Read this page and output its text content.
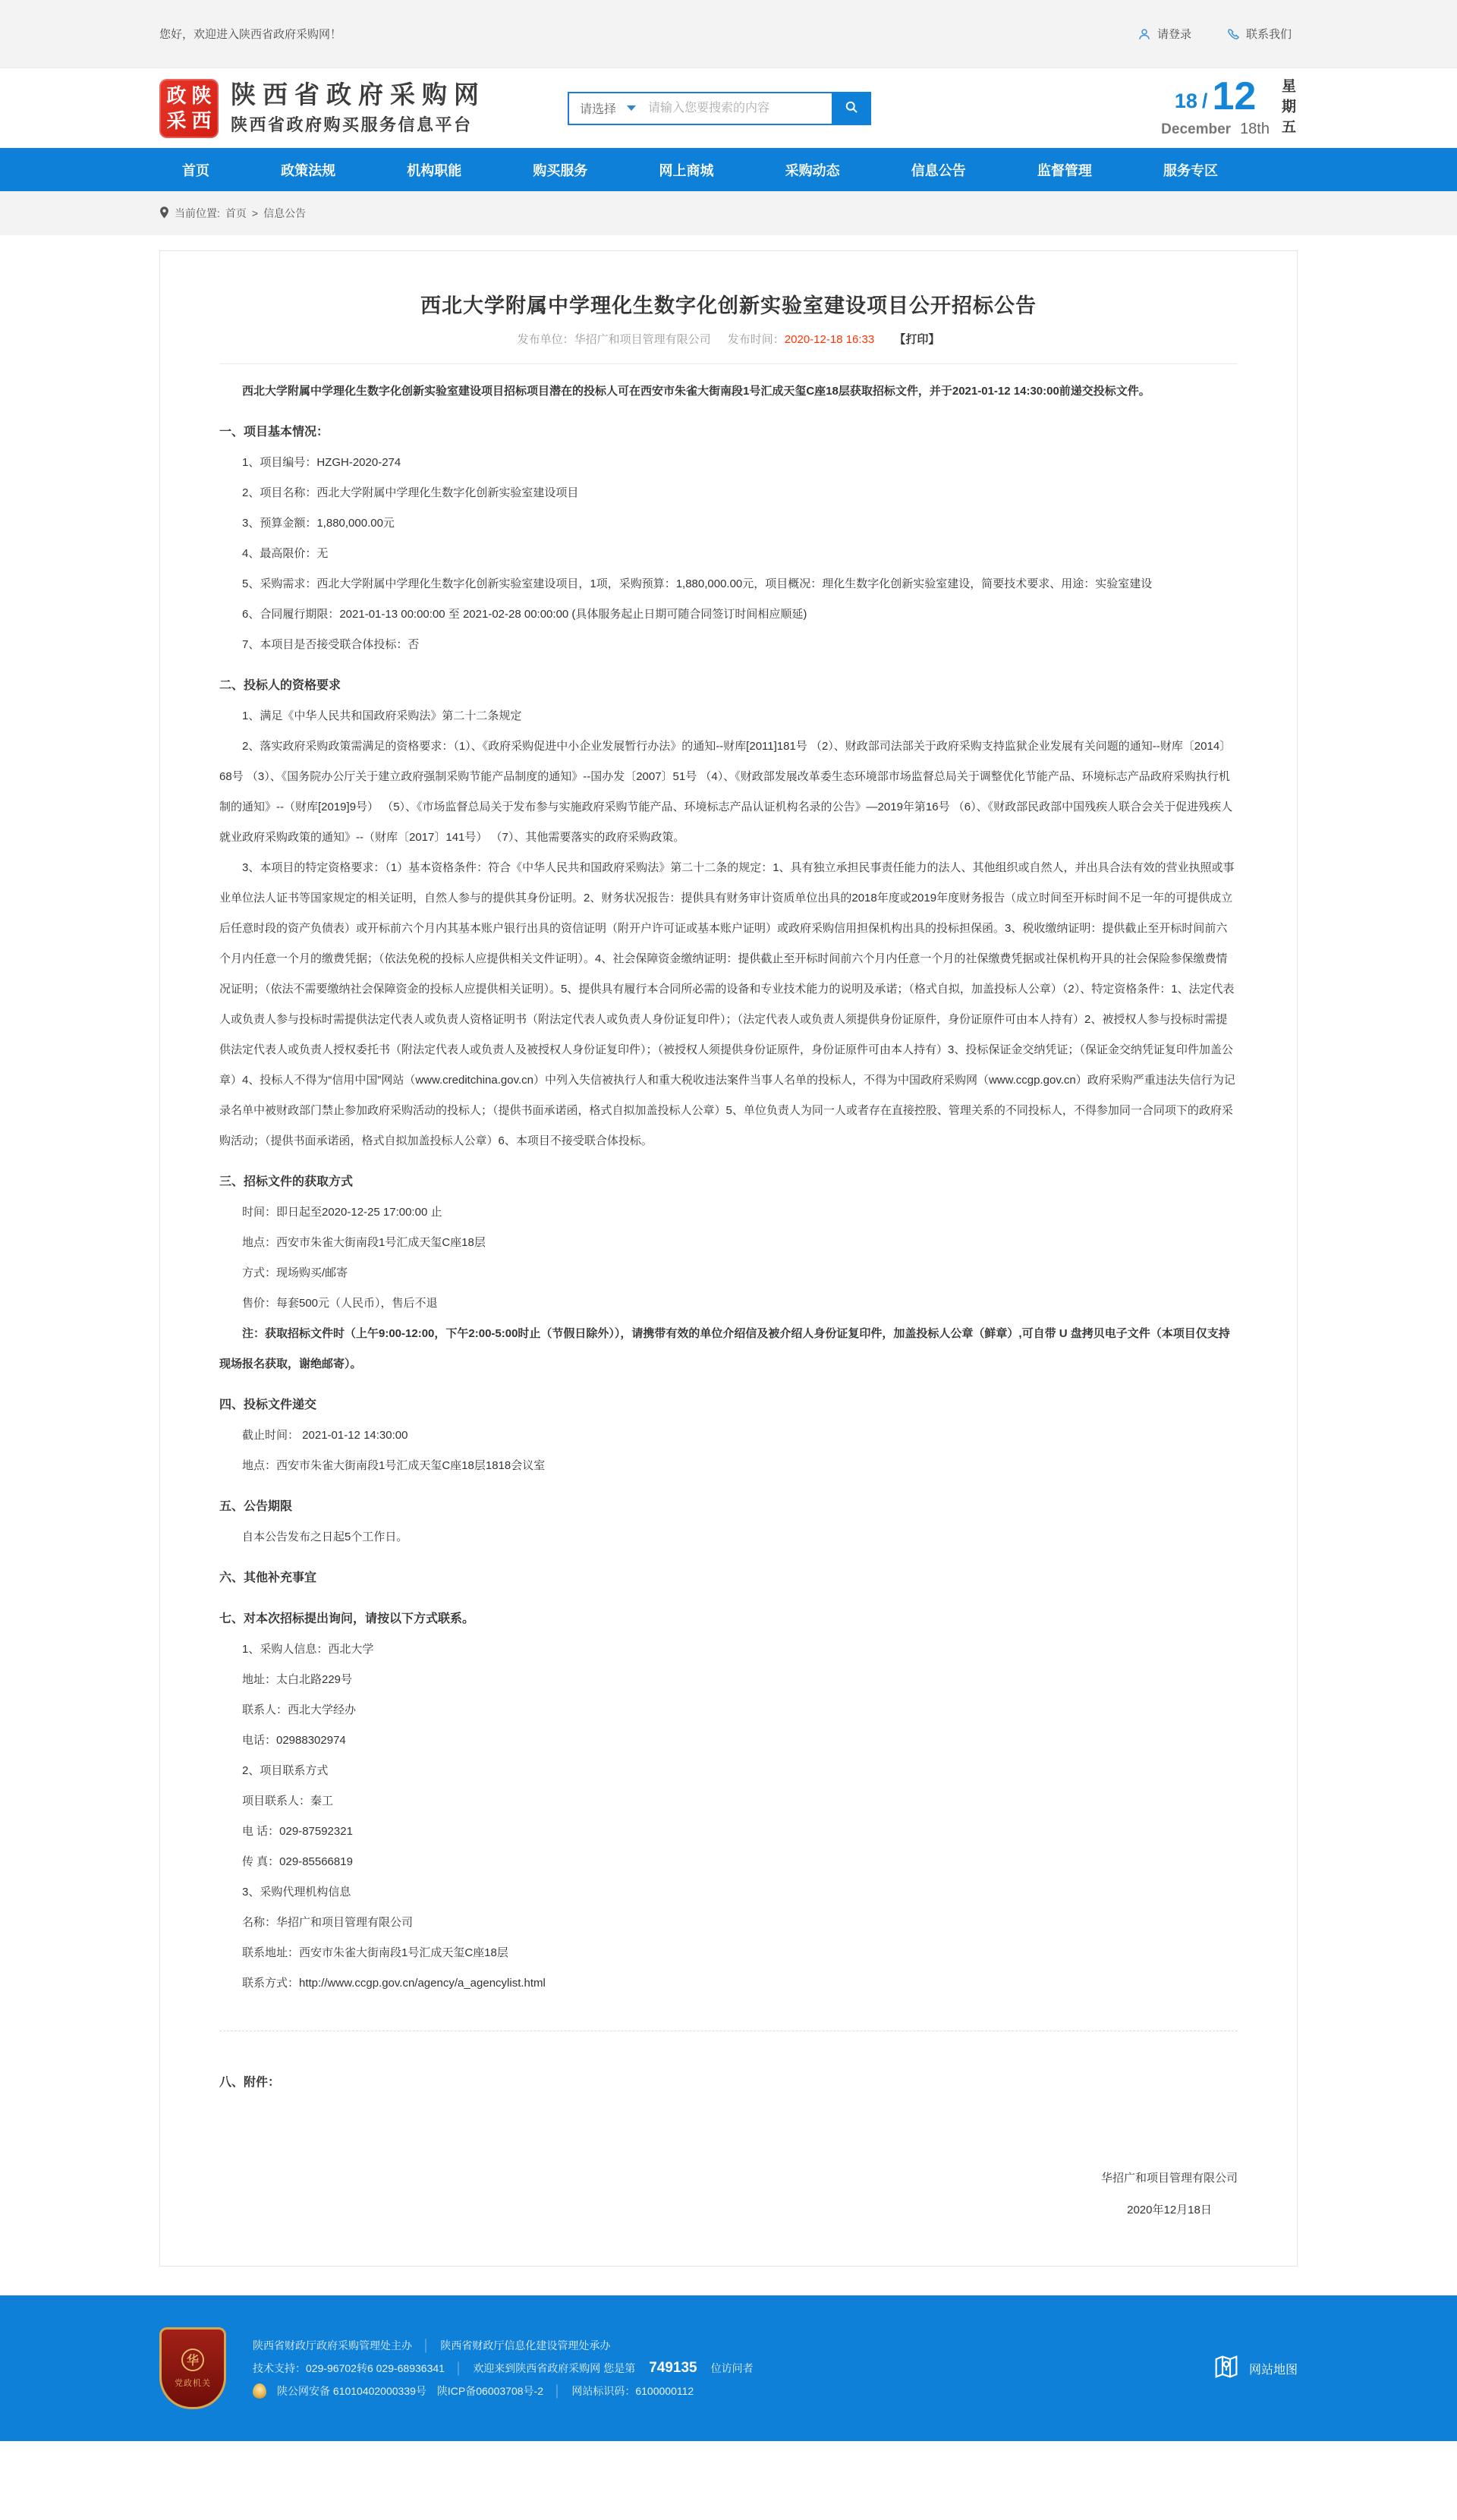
您好，欢迎进入陕西省政府采购网！	请登录	联系我们
政 陕
采 西
陕西省政府采购网
陕西省政府购买服务信息平台
请选择
请输入您要搜索的内容	18 / 12
December 18th 星期五
首页	政策法规	机构职能	购买服务	网上商城	采购动态	信息公告	监督管理	服务专区
当前位置: 首页 > 信息公告
西北大学附属中学理化生数字化创新实验室建设项目公开招标公告
发布单位：华招广和项目管理有限公司 发布时间：2020-12-18 16:33 【打印】

西北大学附属中学理化生数字化创新实验室建设项目招标项目潜在的投标人可在西安市朱雀大街南段1号汇成天玺C座18层获取招标文件，并于2021-01-12 14:30:00前递交投标文件。

一、项目基本情况：

1、项目编号：HZGH-2020-274

2、项目名称：西北大学附属中学理化生数字化创新实验室建设项目

3、预算金额：1,880,000.00元

4、最高限价：无

5、采购需求：西北大学附属中学理化生数字化创新实验室建设项目，1项，采购预算：1,880,000.00元，项目概况：理化生数字化创新实验室建设，简要技术要求、用途：实验室建设

6、合同履行期限：2021-01-13 00:00:00 至 2021-02-28 00:00:00 (具体服务起止日期可随合同签订时间相应顺延)

7、本项目是否接受联合体投标：否

二、投标人的资格要求

1、满足《中华人民共和国政府采购法》第二十二条规定

2、落实政府采购政策需满足的资格要求：（1）、《政府采购促进中小企业发展暂行办法》的通知--财库[2011]181号 （2）、财政部司法部关于政府采购支持监狱企业发展有关问题的通知--财库〔2014〕68号 （3）、《国务院办公厅关于建立政府强制采购节能产品制度的通知》--国办发〔2007〕51号 （4）、《财政部发展改革委生态环境部市场监督总局关于调整优化节能产品、环境标志产品政府采购执行机制的通知》--（财库[2019]9号） （5）、《市场监督总局关于发布参与实施政府采购节能产品、环境标志产品认证机构名录的公告》—2019年第16号 （6）、《财政部民政部中国残疾人联合会关于促进残疾人就业政府采购政策的通知》--（财库〔2017〕141号） （7）、其他需要落实的政府采购政策。

3、本项目的特定资格要求：（1）基本资格条件：符合《中华人民共和国政府采购法》第二十二条的规定：1、具有独立承担民事责任能力的法人、其他组织或自然人，并出具合法有效的营业执照或事业单位法人证书等国家规定的相关证明，自然人参与的提供其身份证明。2、财务状况报告：提供具有财务审计资质单位出具的2018年度或2019年度财务报告（成立时间至开标时间不足一年的可提供成立后任意时段的资产负债表）或开标前六个月内其基本账户银行出具的资信证明（附开户许可证或基本账户证明）或政府采购信用担保机构出具的投标担保函。3、税收缴纳证明：提供截止至开标时间前六个月内任意一个月的缴费凭据；（依法免税的投标人应提供相关文件证明）。4、社会保障资金缴纳证明：提供截止至开标时间前六个月内任意一个月的社保缴费凭据或社保机构开具的社会保险参保缴费情况证明；（依法不需要缴纳社会保障资金的投标人应提供相关证明）。5、提供具有履行本合同所必需的设备和专业技术能力的说明及承诺；（格式自拟，加盖投标人公章）（2）、特定资格条件：1、法定代表人或负责人参与投标时需提供法定代表人或负责人资格证明书（附法定代表人或负责人身份证复印件）；（法定代表人或负责人须提供身份证原件，身份证原件可由本人持有）2、被授权人参与投标时需提供法定代表人或负责人授权委托书（附法定代表人或负责人及被授权人身份证复印件）；（被授权人须提供身份证原件，身份证原件可由本人持有）3、投标保证金交纳凭证；（保证金交纳凭证复印件加盖公章）4、投标人不得为“信用中国”网站（www.creditchina.gov.cn）中列入失信被执行人和重大税收违法案件当事人名单的投标人，不得为中国政府采购网（www.ccgp.gov.cn）政府采购严重违法失信行为记录名单中被财政部门禁止参加政府采购活动的投标人；（提供书面承诺函，格式自拟加盖投标人公章）5、单位负责人为同一人或者存在直接控股、管理关系的不同投标人，不得参加同一合同项下的政府采购活动；（提供书面承诺函，格式自拟加盖投标人公章）6、本项目不接受联合体投标。

三、招标文件的获取方式

时间：即日起至2020-12-25 17:00:00 止

地点：西安市朱雀大街南段1号汇成天玺C座18层

方式：现场购买/邮寄

售价：每套500元（人民币），售后不退

注：获取招标文件时（上午9:00-12:00，下午2:00-5:00时止（节假日除外）），请携带有效的单位介绍信及被介绍人身份证复印件，加盖投标人公章（鲜章）,可自带 U 盘拷贝电子文件（本项目仅支持现场报名获取，谢绝邮寄）。

四、投标文件递交

截止时间： 2021-01-12 14:30:00

地点：西安市朱雀大街南段1号汇成天玺C座18层1818会议室

五、公告期限

自本公告发布之日起5个工作日。

六、其他补充事宜

七、对本次招标提出询问，请按以下方式联系。

1、采购人信息：西北大学

地址：太白北路229号

联系人：西北大学经办

电话：02988302974

2、项目联系方式

项目联系人：秦工

电 话：029-87592321

传 真：029-85566819

3、采购代理机构信息

名称：华招广和项目管理有限公司

联系地址：西安市朱雀大街南段1号汇成天玺C座18层

联系方式：http://www.ccgp.gov.cn/agency/a_agencylist.html

八、附件：
华招广和项目管理有限公司
2020年12月18日
华
党政机关
陕西省财政厅政府采购管理处主办 │ 陕西省财政厅信息化建设管理处承办
技术支持：029-96702转6 029-68936341 │ 欢迎来到陕西省政府采购网 您是第 749135 位访问者
陕公网安备 61010402000339号 陕ICP备06003708号-2 │ 网站标识码：6100000112
网站地图
